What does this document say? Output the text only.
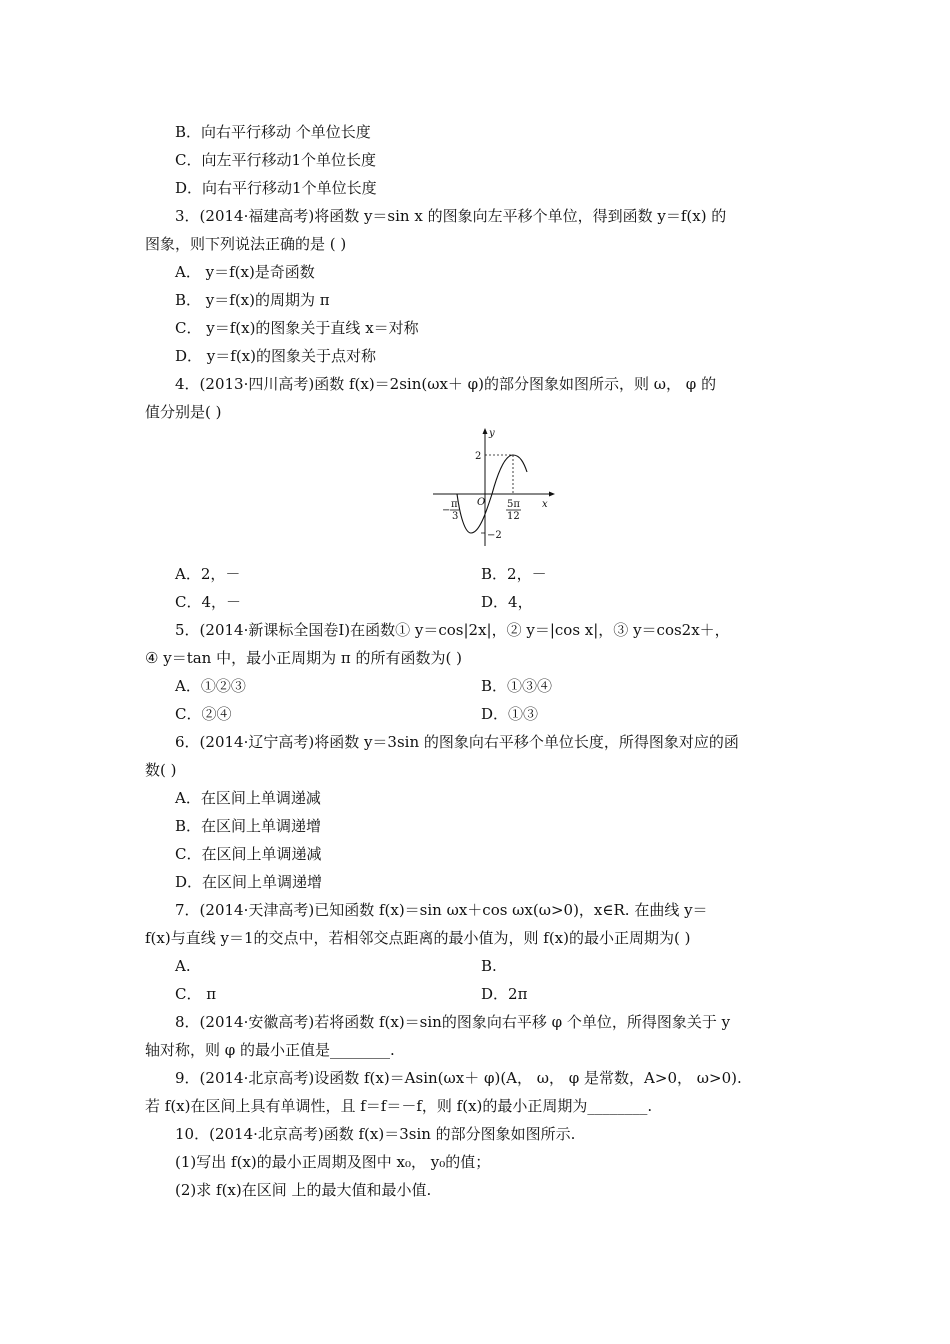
B．向右平行移动 个单位长度
C．向左平行移动1个单位长度
D．向右平行移动1个单位长度
3．(2014·福建高考)将函数 y＝sin x 的图象向左平移个单位，得到函数 y＝f(x) 的
图象，则下列说法正确的是 ( )
A． y＝f(x)是奇函数
B． y＝f(x)的周期为 π
C． y＝f(x)的图象关于直线 x＝对称
D． y＝f(x)的图象关于点对称
4．(2013·四川高考)函数 f(x)＝2sin(ωx＋ φ)的部分图象如图所示，则 ω， φ 的
值分别是( )
y
x
O
2
−2
−
π
3
5π
12
A．2，－	B．2，－
C．4，－	D．4，
5．(2014·新课标全国卷Ⅰ)在函数① y＝cos|2x|，② y＝|cos x|，③ y＝cos2x＋，
④ y＝tan 中，最小正周期为 π 的所有函数为( )
A．①②③	B．①③④
C．②④	D．①③
6．(2014·辽宁高考)将函数 y＝3sin 的图象向右平移个单位长度，所得图象对应的函
数( )
A．在区间上单调递减
B．在区间上单调递增
C．在区间上单调递减
D．在区间上单调递增
7．(2014·天津高考)已知函数 f(x)＝sin ωx＋cos ωx(ω>0)，x∈R. 在曲线 y＝
f(x)与直线 y＝1的交点中，若相邻交点距离的最小值为，则 f(x)的最小正周期为( )
A.	B.
C． π	D．2π
8．(2014·安徽高考)若将函数 f(x)＝sin的图象向右平移 φ 个单位，所得图象关于 y
轴对称，则 φ 的最小正值是________.
9．(2014·北京高考)设函数 f(x)＝Asin(ωx＋ φ)(A， ω， φ 是常数，A>0， ω>0).
若 f(x)在区间上具有单调性，且 f＝f＝－f，则 f(x)的最小正周期为________.
10．(2014·北京高考)函数 f(x)＝3sin 的部分图象如图所示.
(1)写出 f(x)的最小正周期及图中 x₀， y₀的值；
(2)求 f(x)在区间 上的最大值和最小值.
